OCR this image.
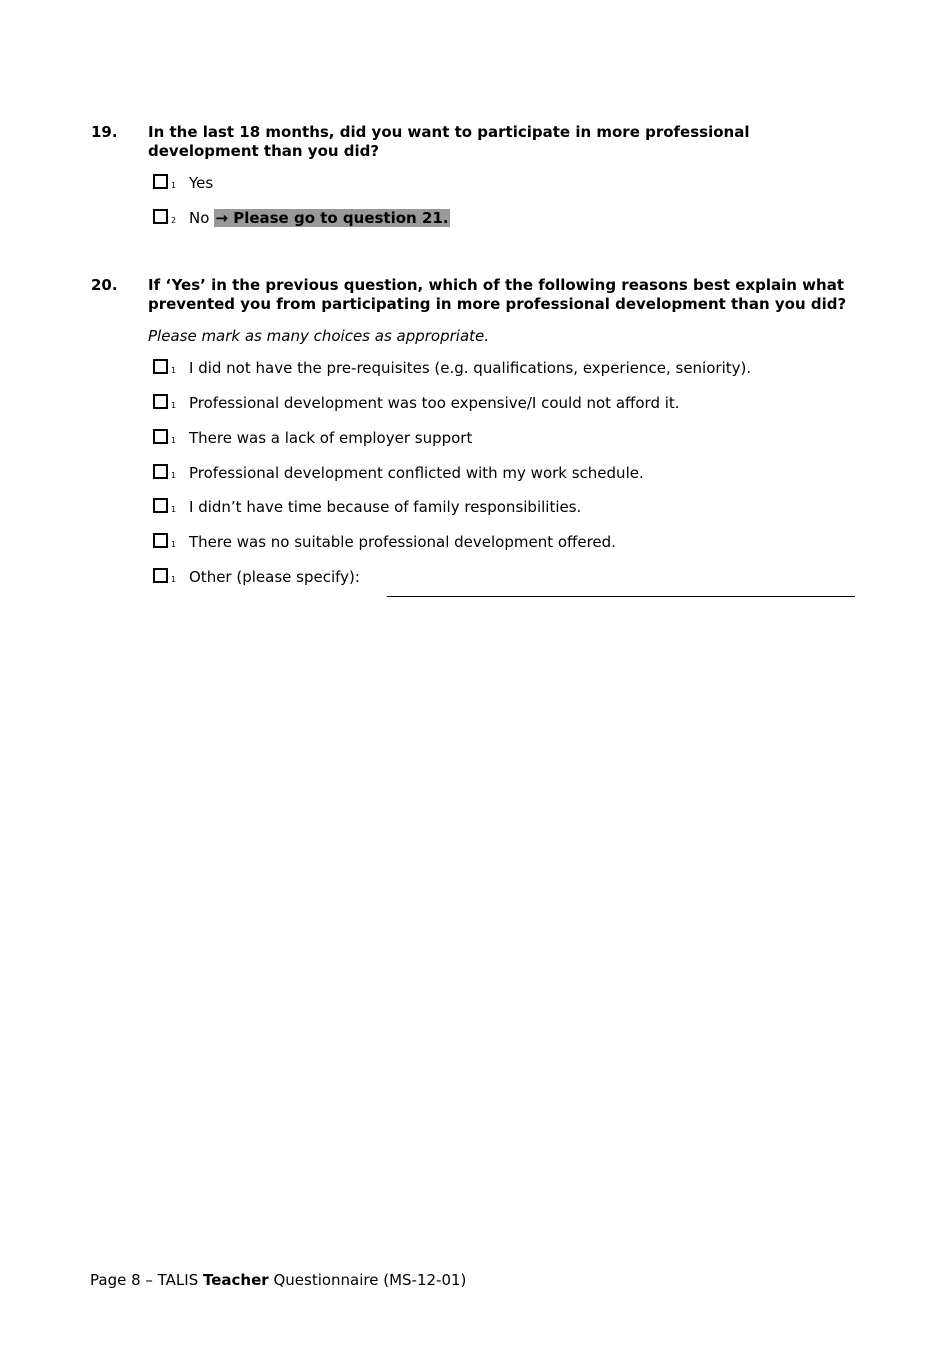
19. In the last 18 months, did you want to participate in more professional development than you did?
1 Yes
2 No → Please go to question 21.
20. If ‘Yes’ in the previous question, which of the following reasons best explain what prevented you from participating in more professional development than you did?
Please mark as many choices as appropriate.
1 I did not have the pre-requisites (e.g. qualifications, experience, seniority).
1 Professional development was too expensive/I could not afford it.
1 There was a lack of employer support
1 Professional development conflicted with my work schedule.
1 I didn’t have time because of family responsibilities.
1 There was no suitable professional development offered.
1 Other (please specify):
Page 8 – TALIS Teacher Questionnaire (MS-12-01)
